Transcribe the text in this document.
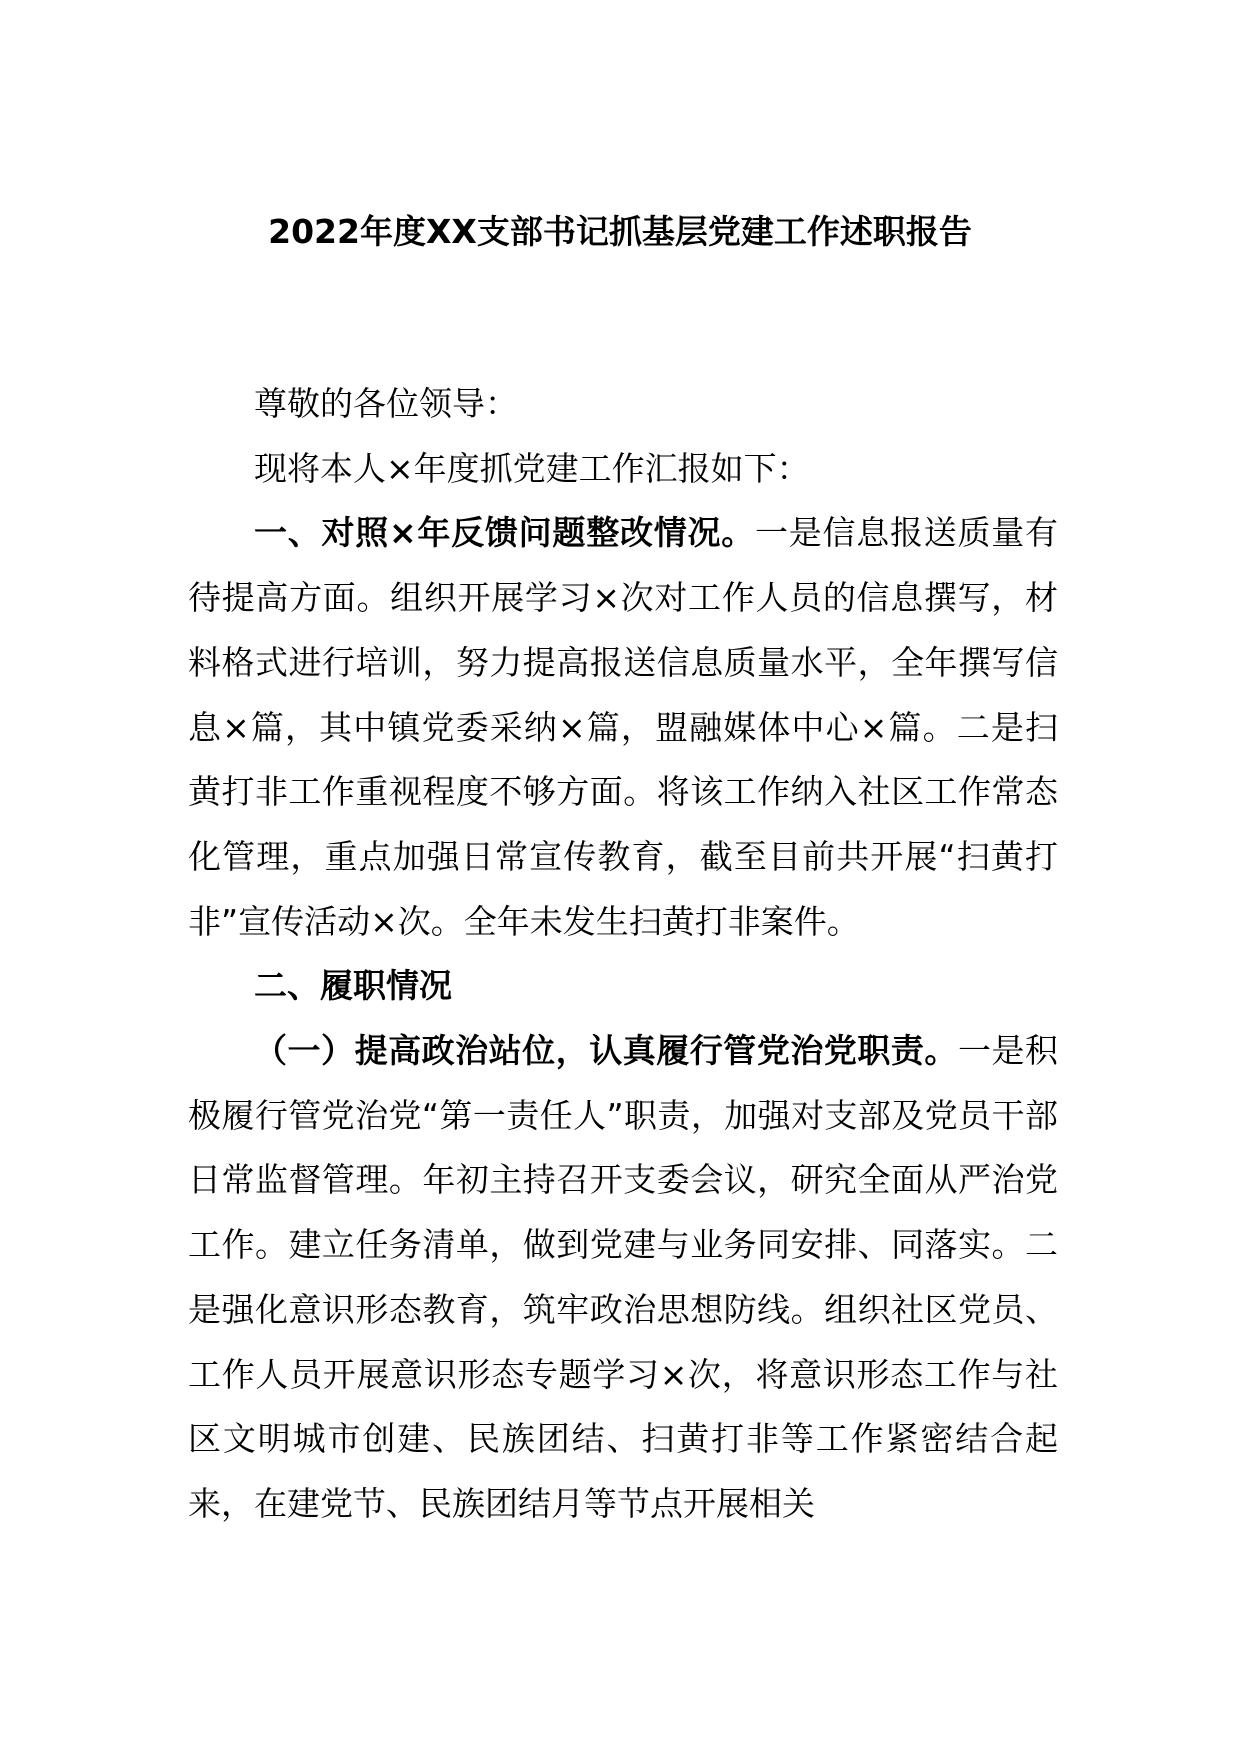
2022年度XX支部书记抓基层党建工作述职报告

尊敬的各位领导：

现将本人×年度抓党建工作汇报如下：

一、对照×年反馈问题整改情况。一是信息报送质量有待提高方面。组织开展学习×次对工作人员的信息撰写，材料格式进行培训，努力提高报送信息质量水平，全年撰写信息×篇，其中镇党委采纳×篇，盟融媒体中心×篇。二是扫黄打非工作重视程度不够方面。将该工作纳入社区工作常态化管理，重点加强日常宣传教育，截至目前共开展“扫黄打非”宣传活动×次。全年未发生扫黄打非案件。

二、履职情况

（一）提高政治站位，认真履行管党治党职责。一是积极履行管党治党“第一责任人”职责，加强对支部及党员干部日常监督管理。年初主持召开支委会议，研究全面从严治党工作。建立任务清单，做到党建与业务同安排、同落实。二是强化意识形态教育，筑牢政治思想防线。组织社区党员、工作人员开展意识形态专题学习×次，将意识形态工作与社区文明城市创建、民族团结、扫黄打非等工作紧密结合起来，在建党节、民族团结月等节点开展相关
